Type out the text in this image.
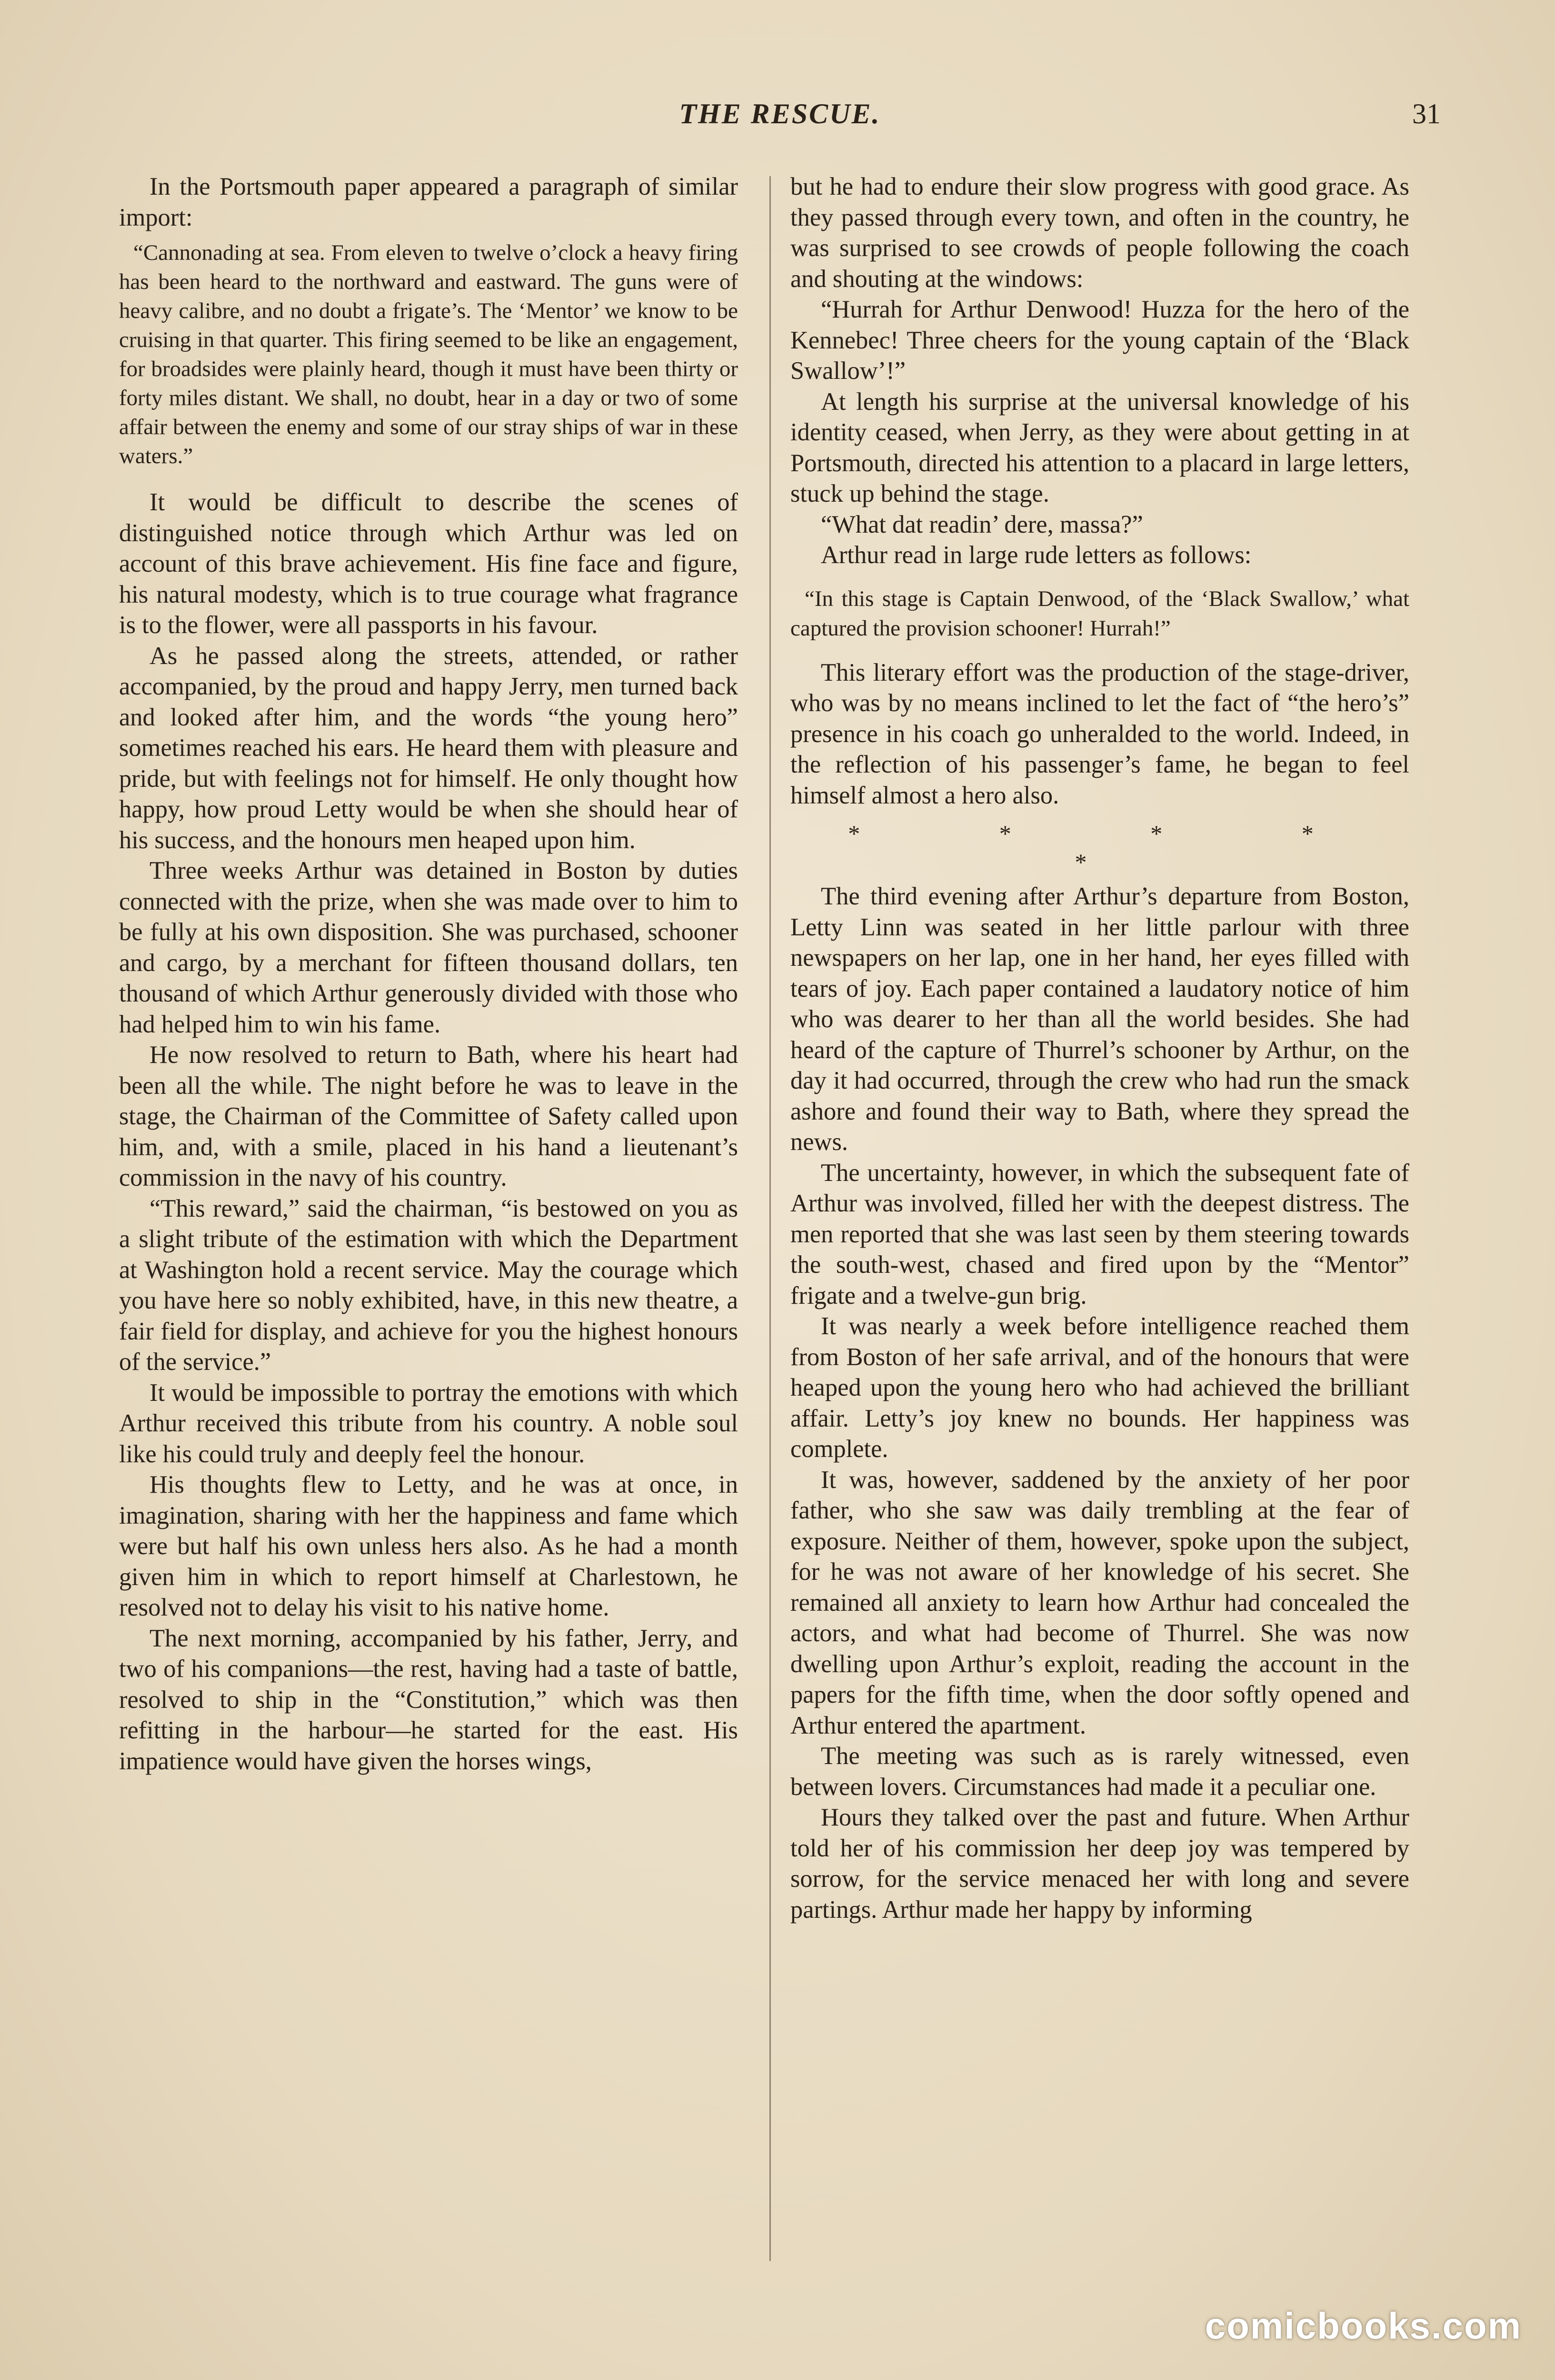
THE RESCUE.	31

In the Portsmouth paper appeared a paragraph of similar import:

“Cannonading at sea. From eleven to twelve o’clock a heavy firing has been heard to the northward and eastward. The guns were of heavy calibre, and no doubt a frigate’s. The ‘Mentor’ we know to be cruising in that quarter. This firing seemed to be like an engagement, for broadsides were plainly heard, though it must have been thirty or forty miles distant. We shall, no doubt, hear in a day or two of some affair between the enemy and some of our stray ships of war in these waters.”

It would be difficult to describe the scenes of distinguished notice through which Arthur was led on account of this brave achievement. His fine face and figure, his natural modesty, which is to true courage what fragrance is to the flower, were all passports in his favour.

As he passed along the streets, attended, or rather accompanied, by the proud and happy Jerry, men turned back and looked after him, and the words “the young hero” sometimes reached his ears. He heard them with pleasure and pride, but with feelings not for himself. He only thought how happy, how proud Letty would be when she should hear of his success, and the honours men heaped upon him.

Three weeks Arthur was detained in Boston by duties connected with the prize, when she was made over to him to be fully at his own disposition. She was purchased, schooner and cargo, by a merchant for fifteen thousand dollars, ten thousand of which Arthur generously divided with those who had helped him to win his fame.

He now resolved to return to Bath, where his heart had been all the while. The night before he was to leave in the stage, the Chairman of the Committee of Safety called upon him, and, with a smile, placed in his hand a lieutenant’s commission in the navy of his country.

“This reward,” said the chairman, “is bestowed on you as a slight tribute of the estimation with which the Department at Washington hold a recent service. May the courage which you have here so nobly exhibited, have, in this new theatre, a fair field for display, and achieve for you the highest honours of the service.”

It would be impossible to portray the emotions with which Arthur received this tribute from his country. A noble soul like his could truly and deeply feel the honour.

His thoughts flew to Letty, and he was at once, in imagination, sharing with her the happiness and fame which were but half his own unless hers also. As he had a month given him in which to report himself at Charlestown, he resolved not to delay his visit to his native home.

The next morning, accompanied by his father, Jerry, and two of his companions—the rest, having had a taste of battle, resolved to ship in the “Constitution,” which was then refitting in the harbour—he started for the east. His impatience would have given the horses wings,

but he had to endure their slow progress with good grace. As they passed through every town, and often in the country, he was surprised to see crowds of people following the coach and shouting at the windows:

“Hurrah for Arthur Denwood! Huzza for the hero of the Kennebec! Three cheers for the young captain of the ‘Black Swallow’!”

At length his surprise at the universal knowledge of his identity ceased, when Jerry, as they were about getting in at Portsmouth, directed his attention to a placard in large letters, stuck up behind the stage.

“What dat readin’ dere, massa?”

Arthur read in large rude letters as follows:

“In this stage is Captain Denwood, of the ‘Black Swallow,’ what captured the provision schooner! Hurrah!”

This literary effort was the production of the stage-driver, who was by no means inclined to let the fact of “the hero’s” presence in his coach go unheralded to the world. Indeed, in the reflection of his passenger’s fame, he began to feel himself almost a hero also.

* * * * *

The third evening after Arthur’s departure from Boston, Letty Linn was seated in her little parlour with three newspapers on her lap, one in her hand, her eyes filled with tears of joy. Each paper contained a laudatory notice of him who was dearer to her than all the world besides. She had heard of the capture of Thurrel’s schooner by Arthur, on the day it had occurred, through the crew who had run the smack ashore and found their way to Bath, where they spread the news.

The uncertainty, however, in which the subsequent fate of Arthur was involved, filled her with the deepest distress. The men reported that she was last seen by them steering towards the south-west, chased and fired upon by the “Mentor” frigate and a twelve-gun brig.

It was nearly a week before intelligence reached them from Boston of her safe arrival, and of the honours that were heaped upon the young hero who had achieved the brilliant affair. Letty’s joy knew no bounds. Her happiness was complete.

It was, however, saddened by the anxiety of her poor father, who she saw was daily trembling at the fear of exposure. Neither of them, however, spoke upon the subject, for he was not aware of her knowledge of his secret. She remained all anxiety to learn how Arthur had concealed the actors, and what had become of Thurrel. She was now dwelling upon Arthur’s exploit, reading the account in the papers for the fifth time, when the door softly opened and Arthur entered the apartment.

The meeting was such as is rarely witnessed, even between lovers. Circumstances had made it a peculiar one.

Hours they talked over the past and future. When Arthur told her of his commission her deep joy was tempered by sorrow, for the service menaced her with long and severe partings. Arthur made her happy by informing

comicbooks.com
